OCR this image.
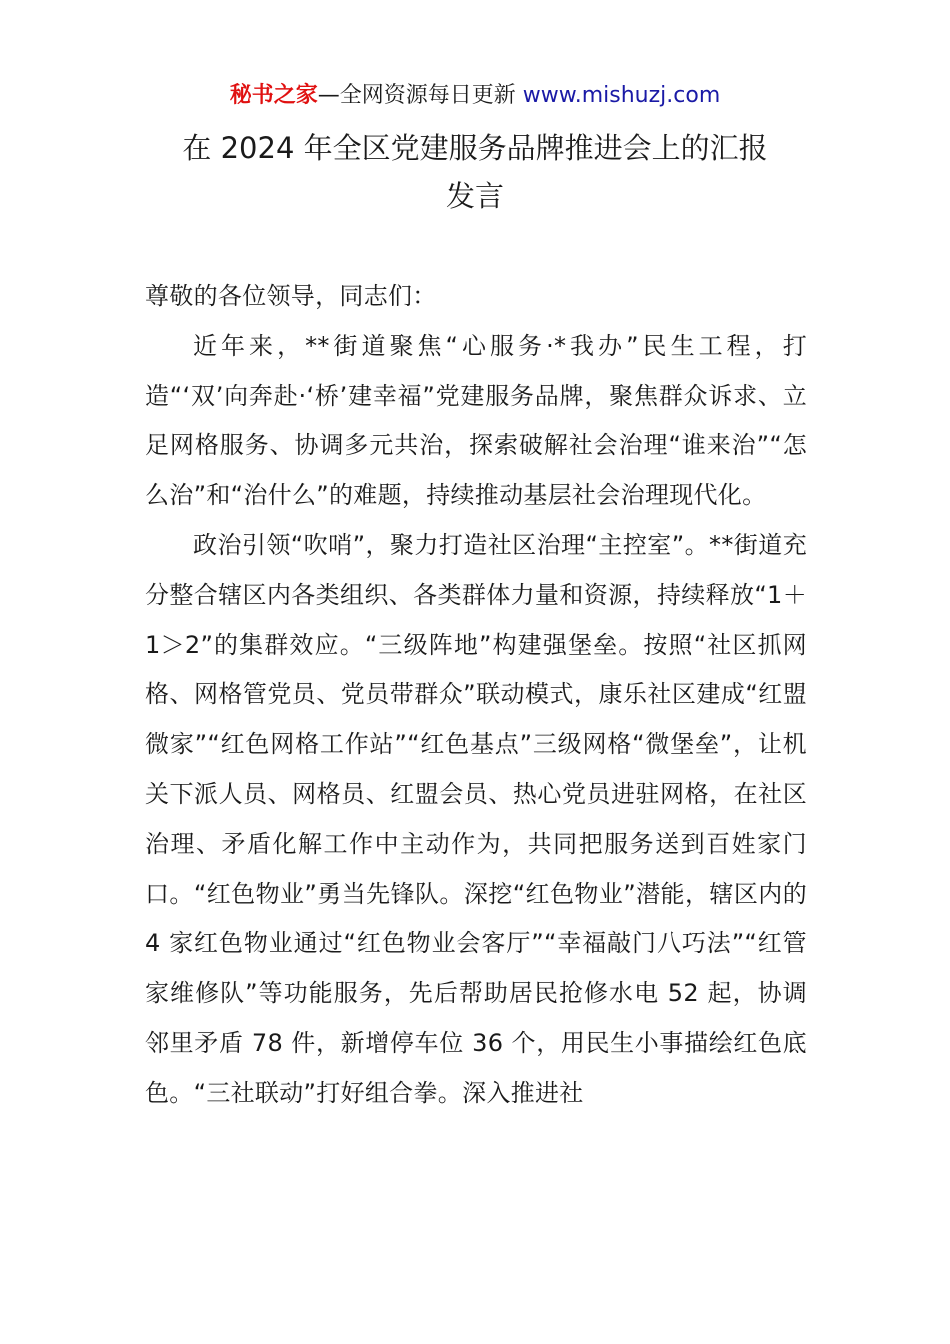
秘书之家—全网资源每日更新 www.mishuzj.com
在 2024 年全区党建服务品牌推进会上的汇报
发言

尊敬的各位领导，同志们：

近年来，**街道聚焦“心服务·*我办”民生工程，打造“‘双’向奔赴·‘桥’建幸福”党建服务品牌，聚焦群众诉求、立足网格服务、协调多元共治，探索破解社会治理“谁来治”“怎么治”和“治什么”的难题，持续推动基层社会治理现代化。

政治引领“吹哨”，聚力打造社区治理“主控室”。**街道充分整合辖区内各类组织、各类群体力量和资源，持续释放“1＋1＞2”的集群效应。“三级阵地”构建强堡垒。按照“社区抓网格、网格管党员、党员带群众”联动模式，康乐社区建成“红盟微家”“红色网格工作站”“红色基点”三级网格“微堡垒”，让机关下派人员、网格员、红盟会员、热心党员进驻网格，在社区治理、矛盾化解工作中主动作为，共同把服务送到百姓家门口。“红色物业”勇当先锋队。深挖“红色物业”潜能，辖区内的 4 家红色物业通过“红色物业会客厅”“幸福敲门八巧法”“红管家维修队”等功能服务，先后帮助居民抢修水电 52 起，协调邻里矛盾 78 件，新增停车位 36 个，用民生小事描绘红色底色。“三社联动”打好组合拳。深入推进社
